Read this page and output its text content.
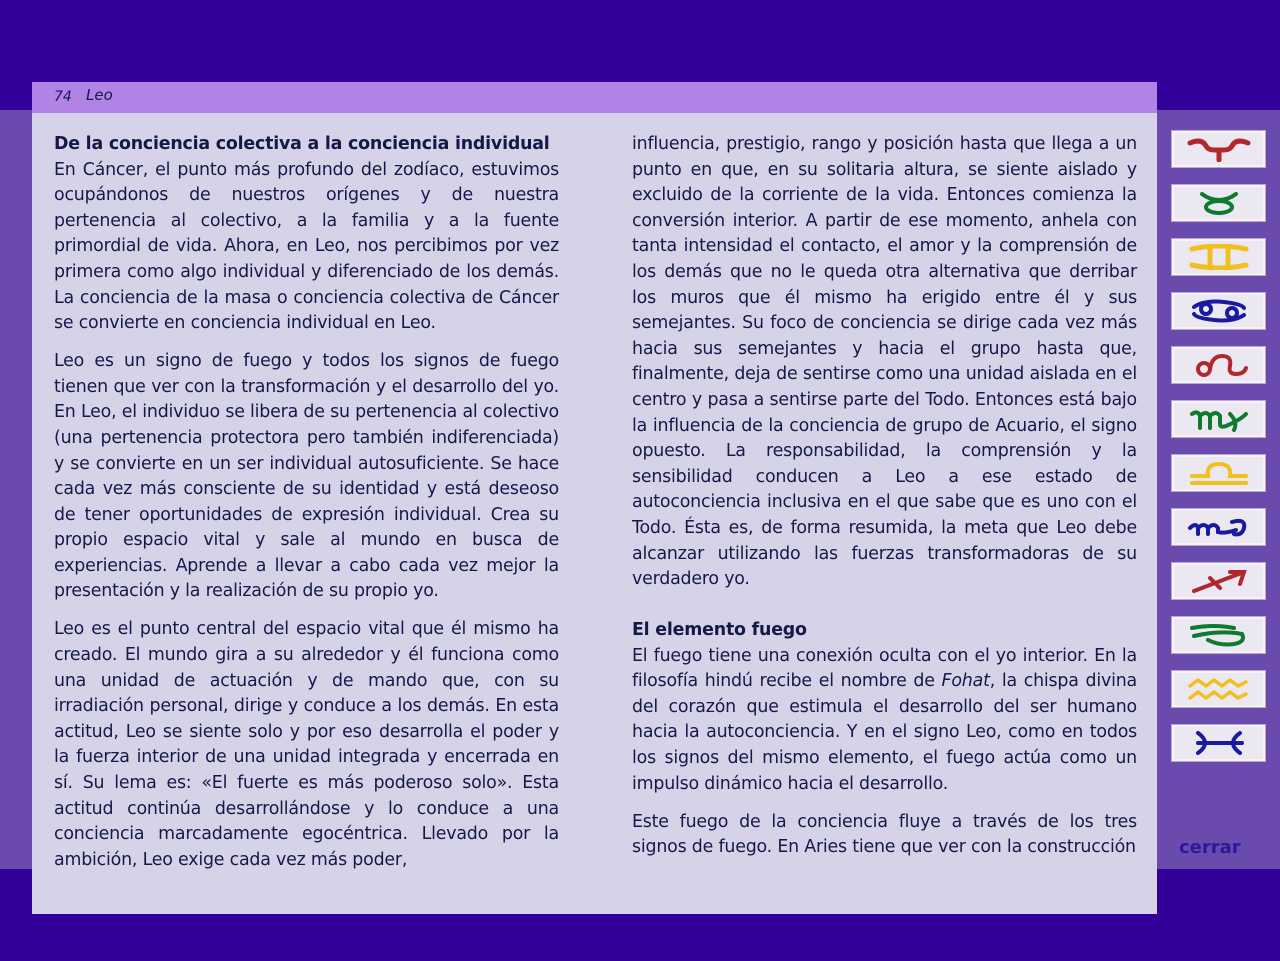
74 Leo
De la conciencia colectiva a la conciencia individual

En Cáncer, el punto más profundo del zodíaco, estuvimos ocupándonos de nuestros orígenes y de nuestra pertenencia al colectivo, a la familia y a la fuente primordial de vida. Ahora, en Leo, nos percibimos por vez primera como algo individual y diferenciado de los demás. La conciencia de la masa o conciencia colectiva de Cáncer se convierte en conciencia individual en Leo.

Leo es un signo de fuego y todos los signos de fuego tienen que ver con la transformación y el desarrollo del yo. En Leo, el individuo se libera de su pertenencia al colectivo (una pertenencia protectora pero también indiferenciada) y se convierte en un ser individual autosuficiente. Se hace cada vez más consciente de su identidad y está deseoso de tener oportunidades de expresión individual. Crea su propio espacio vital y sale al mundo en busca de experiencias. Aprende a llevar a cabo cada vez mejor la presentación y la realización de su propio yo.

Leo es el punto central del espacio vital que él mismo ha creado. El mundo gira a su alrededor y él funciona como una unidad de actuación y de mando que, con su irradiación personal, dirige y conduce a los demás. En esta actitud, Leo se siente solo y por eso desarrolla el poder y la fuerza interior de una unidad integrada y encerrada en sí. Su lema es: «El fuerte es más poderoso solo». Esta actitud continúa desarrollándose y lo conduce a una conciencia marcadamente egocéntrica. Llevado por la ambición, Leo exige cada vez más poder,

influencia, prestigio, rango y posición hasta que llega a un punto en que, en su solitaria altura, se siente aislado y excluido de la corriente de la vida. Entonces comienza la conversión interior. A partir de ese momento, anhela con tanta intensidad el contacto, el amor y la comprensión de los demás que no le queda otra alternativa que derribar los muros que él mismo ha erigido entre él y sus semejantes. Su foco de conciencia se dirige cada vez más hacia sus semejantes y hacia el grupo hasta que, finalmente, deja de sentirse como una unidad aislada en el centro y pasa a sentirse parte del Todo. Entonces está bajo la influencia de la conciencia de grupo de Acuario, el signo opuesto. La responsabilidad, la comprensión y la sensibilidad conducen a Leo a ese estado de autoconciencia inclusiva en el que sabe que es uno con el Todo. Ésta es, de forma resumida, la meta que Leo debe alcanzar utilizando las fuerzas transformadoras de su verdadero yo.

El elemento fuego

El fuego tiene una conexión oculta con el yo interior. En la filosofía hindú recibe el nombre de Fohat, la chispa divina del corazón que estimula el desarrollo del ser humano hacia la autoconciencia. Y en el signo Leo, como en todos los signos del mismo elemento, el fuego actúa como un impulso dinámico hacia el desarrollo.

Este fuego de la conciencia fluye a través de los tres signos de fuego. En Aries tiene que ver con la construcción cerrar
